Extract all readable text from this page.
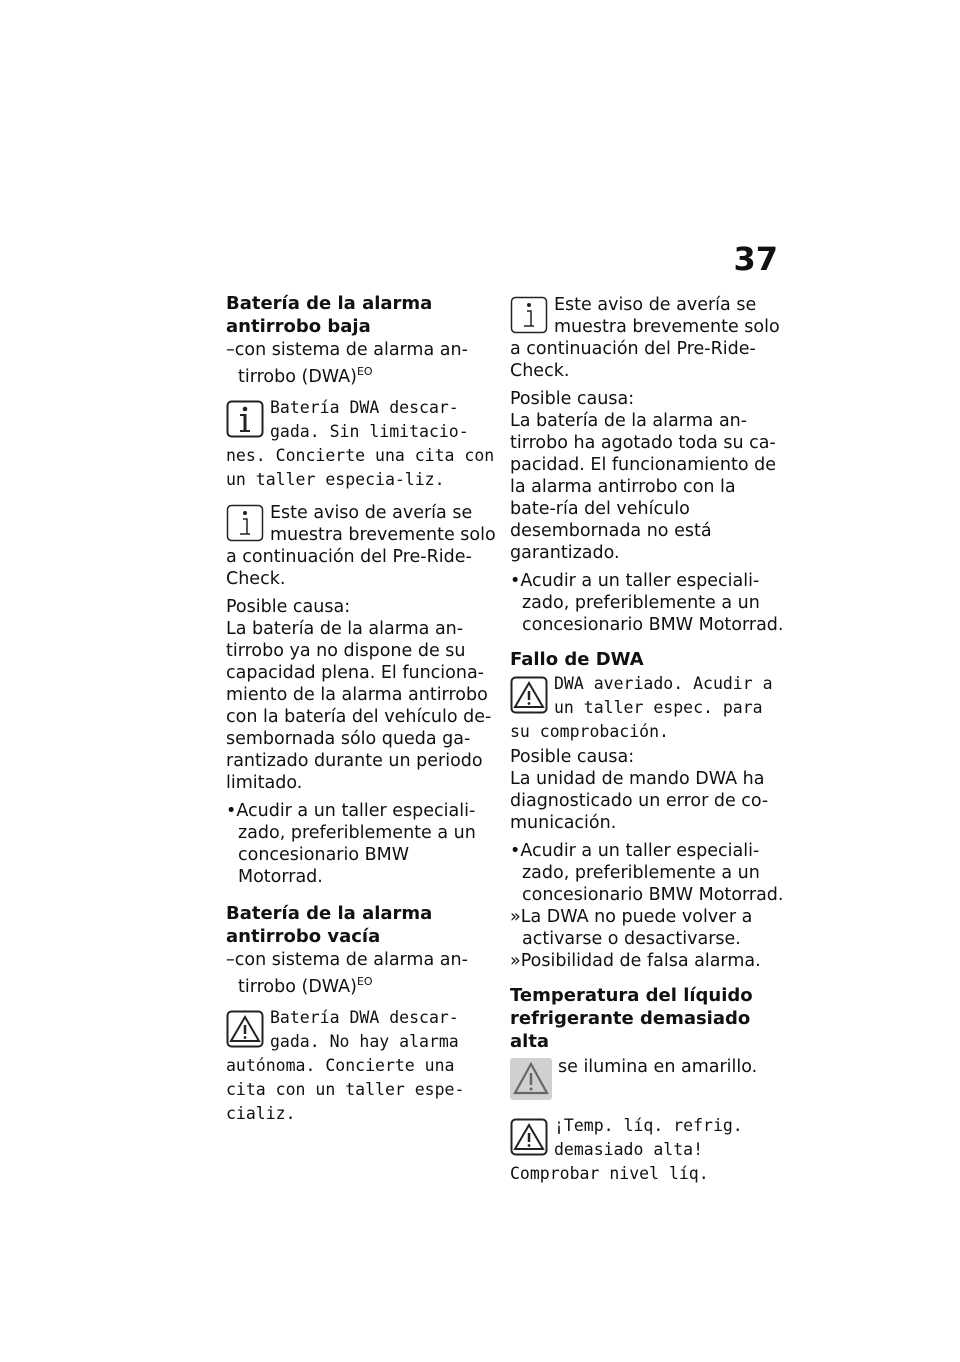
37
Batería de la alarma antirrobo baja
–con sistema de alarma an-tirrobo (DWA)$^{EO}$
Batería DWA descar-gada. Sin limitacio-nes. Concierte una cita con un taller especia-liz.
Este aviso de avería se muestra brevemente solo a continuación del Pre-Ride-Check.
Posible causa:
La batería de la alarma an-tirrobo ya no dispone de su capacidad plena. El funciona-miento de la alarma antirrobo con la batería del vehículo de-sembornada sólo queda ga-rantizado durante un periodo limitado.
•Acudir a un taller especiali-zado, preferiblemente a un concesionario BMW Motorrad.
Batería de la alarma antirrobo vacía
–con sistema de alarma an-tirrobo (DWA)$^{EO}$
Batería DWA descar-gada. No hay alarma autónoma. Concierte una cita con un taller espe-cializ.
Este aviso de avería se muestra brevemente solo a continuación del Pre-Ride-Check.
Posible causa:
La batería de la alarma an-tirrobo ha agotado toda su ca-pacidad. El funcionamiento de la alarma antirrobo con la bate-ría del vehículo desembornada no está garantizado.
•Acudir a un taller especiali-zado, preferiblemente a un concesionario BMW Motorrad.
Fallo de DWA
DWA averiado. Acudir a un taller espec. para su comprobación.
Posible causa:
La unidad de mando DWA ha diagnosticado un error de co-municación.
•Acudir a un taller especiali-zado, preferiblemente a un concesionario BMW Motorrad.
»La DWA no puede volver a activarse o desactivarse.
»Posibilidad de falsa alarma.
Temperatura del líquido refrigerante demasiado alta
se ilumina en amarillo.
¡Temp. líq. refrig. demasiado alta! Comprobar nivel líq.
